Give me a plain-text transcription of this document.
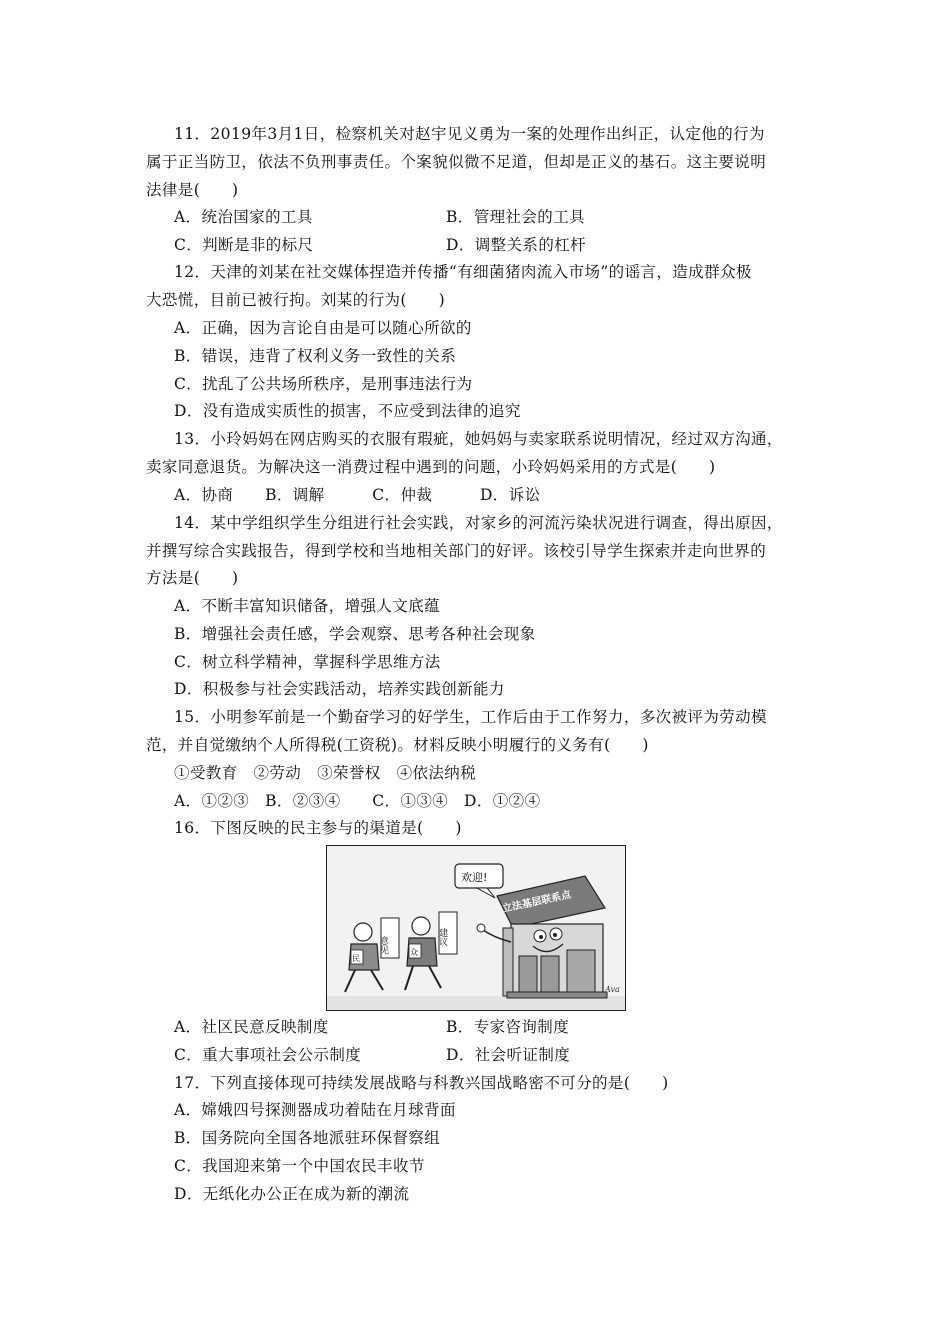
11．2019年3月1日，检察机关对赵宇见义勇为一案的处理作出纠正，认定他的行为
属于正当防卫，依法不负刑事责任。个案貌似微不足道，但却是正义的基石。这主要说明
法律是(　　)
A．统治国家的工具	B．管理社会的工具
C．判断是非的标尺	D．调整关系的杠杆
12．天津的刘某在社交媒体捏造并传播“有细菌猪肉流入市场”的谣言，造成群众极
大恐慌，目前已被行拘。刘某的行为(　　)
A．正确，因为言论自由是可以随心所欲的
B．错误，违背了权利义务一致性的关系
C．扰乱了公共场所秩序，是刑事违法行为
D．没有造成实质性的损害，不应受到法律的追究
13．小玲妈妈在网店购买的衣服有瑕疵，她妈妈与卖家联系说明情况，经过双方沟通，
卖家同意退货。为解决这一消费过程中遇到的问题，小玲妈妈采用的方式是(　　)
A．协商　　B．调解　　　C．仲裁　　　D．诉讼
14．某中学组织学生分组进行社会实践，对家乡的河流污染状况进行调查，得出原因，
并撰写综合实践报告，得到学校和当地相关部门的好评。该校引导学生探索并走向世界的
方法是(　　)
A．不断丰富知识储备，增强人文底蕴
B．增强社会责任感，学会观察、思考各种社会现象
C．树立科学精神，掌握科学思维方法
D．积极参与社会实践活动，培养实践创新能力
15．小明参军前是一个勤奋学习的好学生，工作后由于工作努力，多次被评为劳动模
范，并自觉缴纳个人所得税(工资税)。材料反映小明履行的义务有(　　)
①受教育　②劳动　③荣誉权　④依法纳税
A．①②③　B．②③④　　C．①③④　D．①②④
16．下图反映的民主参与的渠道是(　　)
立法基层联系点
欢迎!
意见
民
建议
众
Ava
A．社区民意反映制度	B．专家咨询制度
C．重大事项社会公示制度	D．社会听证制度
17．下列直接体现可持续发展战略与科教兴国战略密不可分的是(　　)
A．嫦娥四号探测器成功着陆在月球背面
B．国务院向全国各地派驻环保督察组
C．我国迎来第一个中国农民丰收节
D．无纸化办公正在成为新的潮流
